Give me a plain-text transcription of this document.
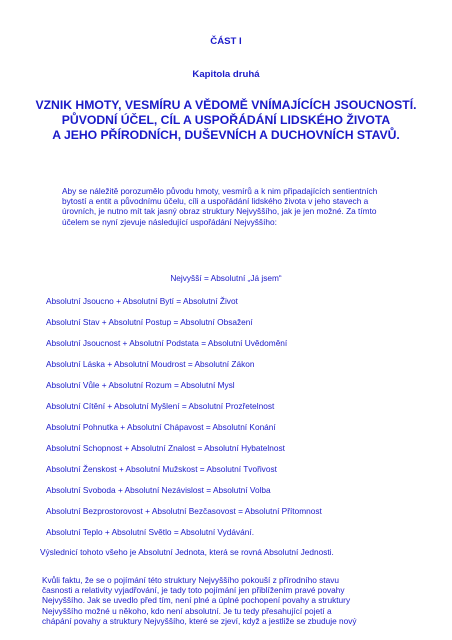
ČÁST I
Kapitola druhá
VZNIK HMOTY, VESMÍRU A VĚDOMĚ VNÍMAJÍCÍCH JSOUCNOSTÍ.
PŮVODNÍ ÚČEL, CÍL A USPOŘÁDÁNÍ LIDSKÉHO ŽIVOTA
A JEHO PŘÍRODNÍCH, DUŠEVNÍCH A DUCHOVNÍCH STAVŮ.
Aby se náležitě porozumělo původu hmoty, vesmírů a k nim připadajících sentientních
bytostí a entit a původnímu účelu, cíli a uspořádání lidského života v jeho stavech a
úrovních, je nutno mít tak jasný obraz struktury Nejvyššího, jak je jen možné. Za tímto
účelem se nyní zjevuje následující uspořádání Nejvyššího:
Nejvyšší = Absolutní „Já jsem“
Absolutní Jsoucno + Absolutní Bytí = Absolutní Život
Absolutní Stav + Absolutní Postup = Absolutní Obsažení
Absolutní Jsoucnost + Absolutní Podstata = Absolutní Uvědomění
Absolutní Láska + Absolutní Moudrost = Absolutní Zákon
Absolutní Vůle + Absolutní Rozum = Absolutní Mysl
Absolutní Cítění + Absolutní Myšlení = Absolutní Prozřetelnost
Absolutní Pohnutka + Absolutní Chápavost = Absolutní Konání
Absolutní Schopnost + Absolutní Znalost = Absolutní Hybatelnost
Absolutní Ženskost + Absolutní Mužskost = Absolutní Tvořivost
Absolutní Svoboda + Absolutní Nezávislost = Absolutní Volba
Absolutní Bezprostorovost + Absolutní Bezčasovost = Absolutní Přítomnost
Absolutní Teplo + Absolutní Světlo = Absolutní Vydávání.
Výslednicí tohoto všeho je Absolutní Jednota, která se rovná Absolutní Jednosti.
Kvůli faktu, že se o pojímání této struktury Nejvyššího pokouší z přírodního stavu
časnosti a relativity vyjadřování, je tady toto pojímání jen přiblížením pravé povahy
Nejvyššího. Jak se uvedlo před tím, není plné a úplné pochopení povahy a struktury
Nejvyššího možné u někoho, kdo není absolutní. Je tu tedy přesahující pojetí a
chápání povahy a struktury Nejvyššího, které se zjeví, když a jestliže se zbuduje nový
